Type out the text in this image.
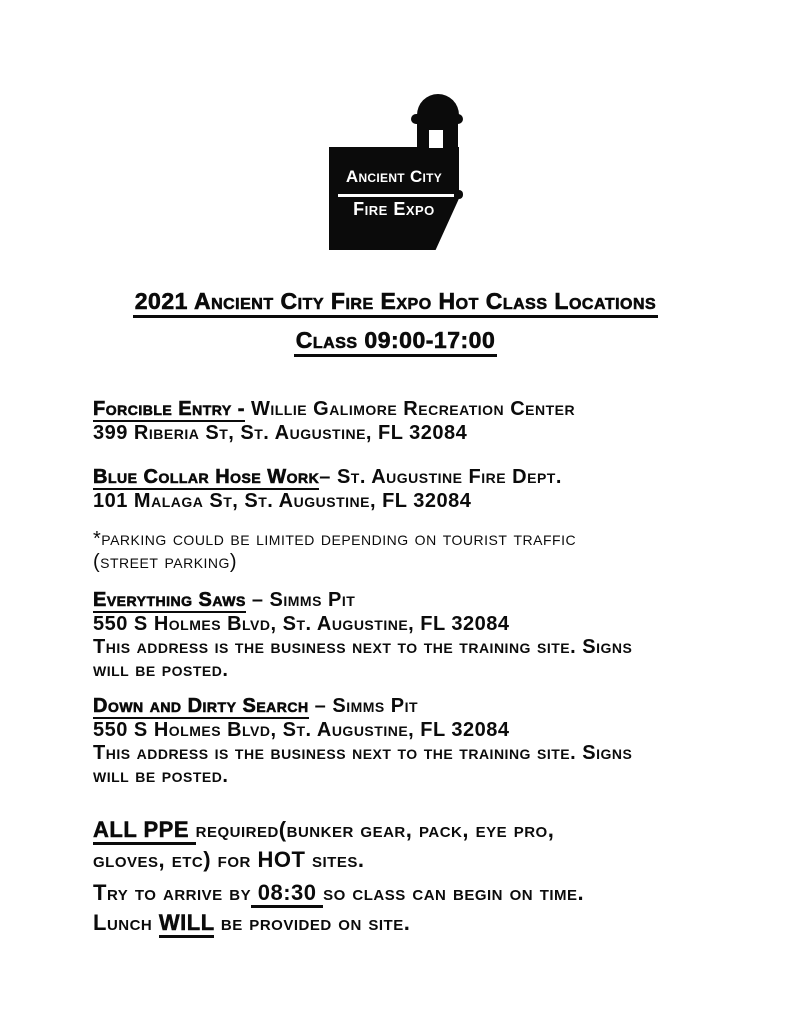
Ancient City
Fire Expo
2021 Ancient City Fire Expo Hot Class Locations
Class 09:00-17:00
Forcible Entry - Willie Galimore Recreation Center
399 Riberia St, St. Augustine, FL 32084
Blue Collar Hose Work– St. Augustine Fire Dept.
101 Malaga St, St. Augustine, FL 32084
*parking could be limited depending on tourist traffic
(street parking)
Everything Saws – Simms Pit
550 S Holmes Blvd, St. Augustine, FL 32084
This address is the business next to the training site. Signs
will be posted.
Down and Dirty Search – Simms Pit
550 S Holmes Blvd, St. Augustine, FL 32084
This address is the business next to the training site. Signs
will be posted.
ALL PPE required(bunker gear, pack, eye pro,
gloves, etc) for HOT sites.
Try to arrive by 08:30 so class can begin on time.
Lunch WILL be provided on site.
